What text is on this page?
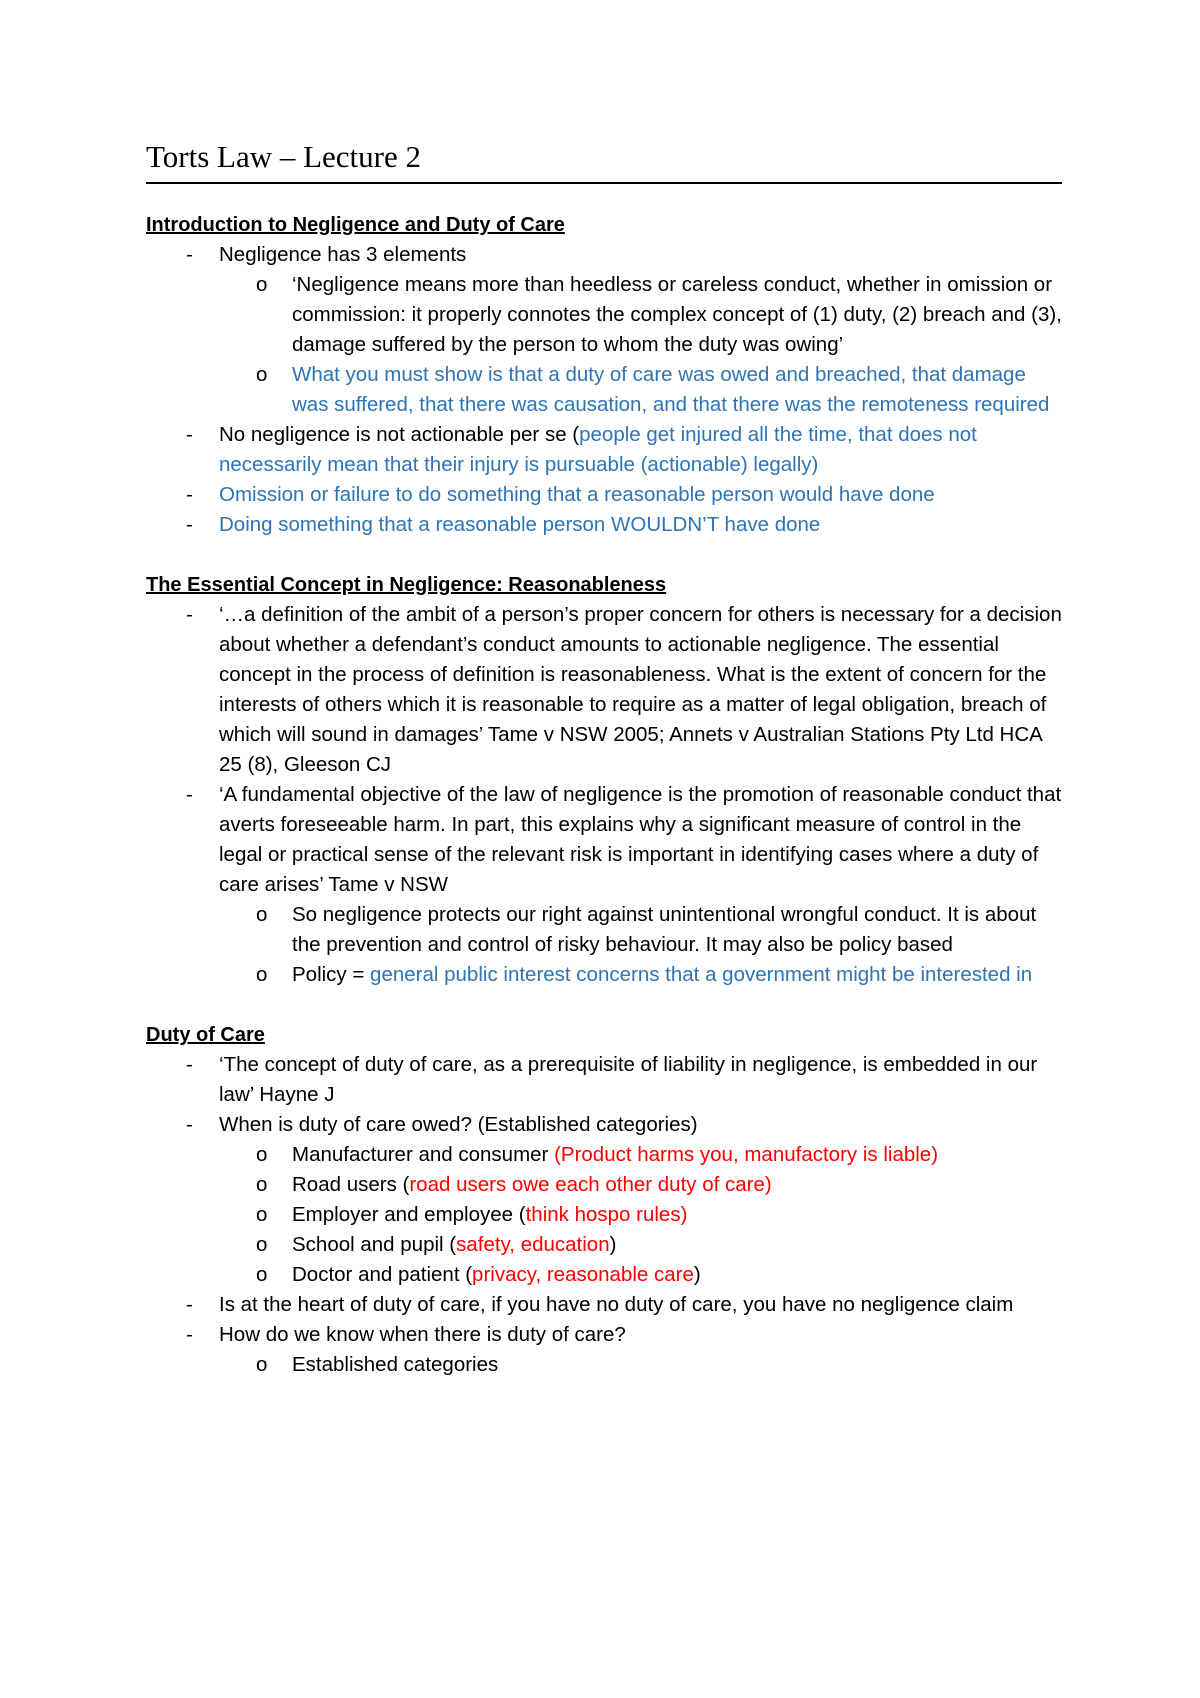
Torts Law – Lecture 2
Introduction to Negligence and Duty of Care
- Negligence has 3 elements
o ‘Negligence means more than heedless or careless conduct, whether in omission or commission: it properly connotes the complex concept of (1) duty, (2) breach and (3), damage suffered by the person to whom the duty was owing’
o What you must show is that a duty of care was owed and breached, that damage was suffered, that there was causation, and that there was the remoteness required
- No negligence is not actionable per se (people get injured all the time, that does not necessarily mean that their injury is pursuable (actionable) legally)
- Omission or failure to do something that a reasonable person would have done
- Doing something that a reasonable person WOULDN’T have done
The Essential Concept in Negligence: Reasonableness
- ‘…a definition of the ambit of a person’s proper concern for others is necessary for a decision about whether a defendant’s conduct amounts to actionable negligence. The essential concept in the process of definition is reasonableness. What is the extent of concern for the interests of others which it is reasonable to require as a matter of legal obligation, breach of which will sound in damages’ Tame v NSW 2005; Annets v Australian Stations Pty Ltd HCA 25 (8), Gleeson CJ
- ‘A fundamental objective of the law of negligence is the promotion of reasonable conduct that averts foreseeable harm. In part, this explains why a significant measure of control in the legal or practical sense of the relevant risk is important in identifying cases where a duty of care arises’ Tame v NSW
o So negligence protects our right against unintentional wrongful conduct. It is about the prevention and control of risky behaviour. It may also be policy based
o Policy = general public interest concerns that a government might be interested in
Duty of Care
- ‘The concept of duty of care, as a prerequisite of liability in negligence, is embedded in our law’ Hayne J
- When is duty of care owed? (Established categories)
o Manufacturer and consumer (Product harms you, manufactory is liable)
o Road users (road users owe each other duty of care)
o Employer and employee (think hospo rules)
o School and pupil (safety, education)
o Doctor and patient (privacy, reasonable care)
- Is at the heart of duty of care, if you have no duty of care, you have no negligence claim
- How do we know when there is duty of care?
o Established categories
